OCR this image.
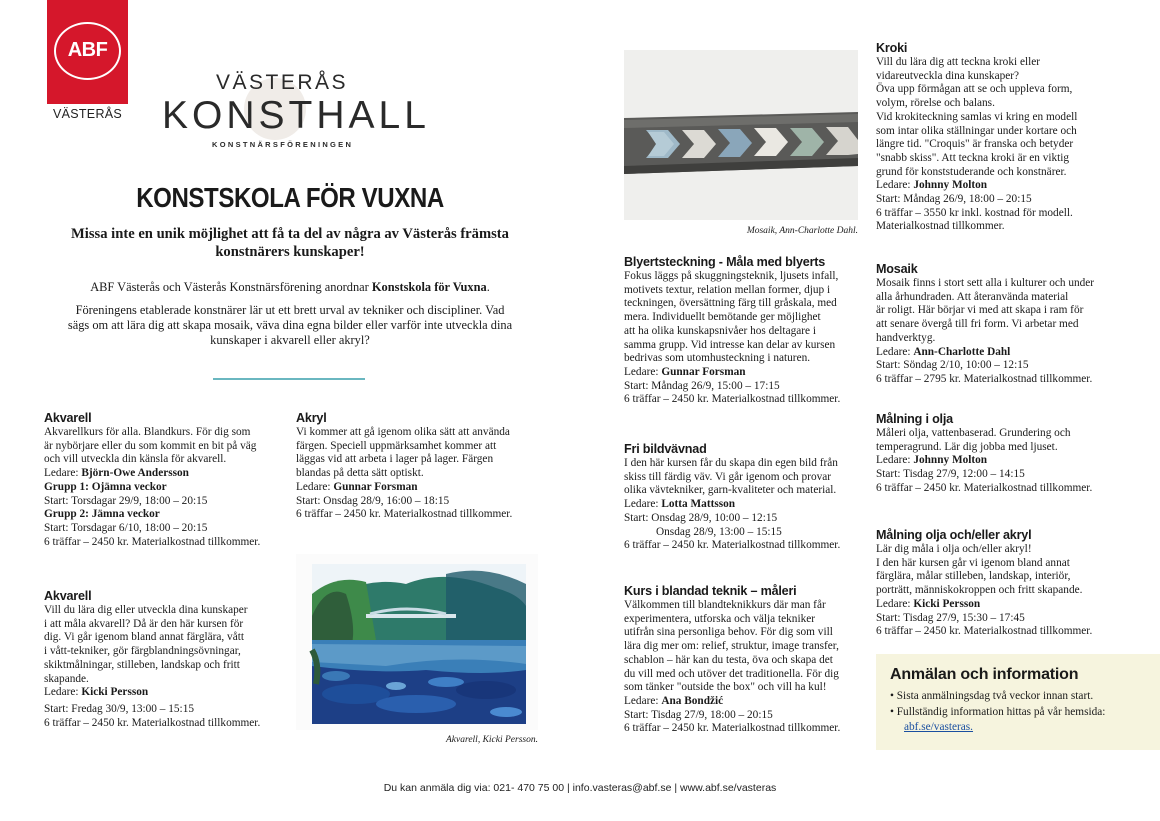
ABF
VÄSTERÅS
VÄSTERÅS
KONSTHALL
KONSTNÄRSFÖRENINGEN
KONSTSKOLA FÖR VUXNA
Missa inte en unik möjlighet att få ta del av några av Västerås främsta
konstnärers kunskaper!
ABF Västerås och Västerås Konstnärsförening anordnar Konstskola för Vuxna.
Föreningens etablerade konstnärer lär ut ett brett urval av tekniker och discipliner. Vad
sägs om att lära dig att skapa mosaik, väva dina egna bilder eller varför inte utveckla dina
kunskaper i akvarell eller akryl?
Akvarell

Akvarellkurs för alla. Blandkurs. För dig som

är nybörjare eller du som kommit en bit på väg

och vill utveckla din känsla för akvarell.

Ledare: Björn-Owe Andersson

Grupp 1: Ojämna veckor

Start: Torsdagar 29/9, 18:00 – 20:15

Grupp 2: Jämna veckor

Start: Torsdagar 6/10, 18:00 – 20:15

6 träffar – 2450 kr. Materialkostnad tillkommer.

Akryl

Vi kommer att gå igenom olika sätt att använda

färgen. Speciell uppmärksamhet kommer att

läggas vid att arbeta i lager på lager. Färgen

blandas på detta sätt optiskt.

Ledare: Gunnar Forsman

Start: Onsdag 28/9, 16:00 – 18:15

6 träffar – 2450 kr. Materialkostnad tillkommer.

Akvarell

Vill du lära dig eller utveckla dina kunskaper

i att måla akvarell? Då är den här kursen för

dig. Vi går igenom bland annat färglära, vått

i vått-tekniker, gör färgblandningsövningar,

skiktmålningar, stilleben, landskap och fritt

skapande.

Ledare: Kicki Persson

Start: Fredag 30/9, 13:00 – 15:15

6 träffar – 2450 kr. Materialkostnad tillkommer.

Akvarell, Kicki Persson.
Mosaik, Ann-Charlotte Dahl.
Blyertsteckning - Måla med blyerts

Fokus läggs på skuggningsteknik, ljusets infall,

motivets textur, relation mellan former, djup i

teckningen, översättning färg till gråskala, med

mera. Individuellt bemötande ger möjlighet

att ha olika kunskapsnivåer hos deltagare i

samma grupp. Vid intresse kan delar av kursen

bedrivas som utomhusteckning i naturen.

Ledare: Gunnar Forsman

Start: Måndag 26/9, 15:00 – 17:15

6 träffar – 2450 kr. Materialkostnad tillkommer.

Fri bildvävnad

I den här kursen får du skapa din egen bild från

skiss till färdig väv. Vi går igenom och provar

olika vävtekniker, garn-kvaliteter och material.

Ledare: Lotta Mattsson

Start: Onsdag 28/9, 10:00 – 12:15

Onsdag 28/9, 13:00 – 15:15

6 träffar – 2450 kr. Materialkostnad tillkommer.

Kurs i blandad teknik – måleri

Välkommen till blandteknikkurs där man får

experimentera, utforska och välja tekniker

utifrån sina personliga behov. För dig som vill

lära dig mer om: relief, struktur, image transfer,

schablon – här kan du testa, öva och skapa det

du vill med och utöver det traditionella. För dig

som tänker "outside the box" och vill ha kul!

Ledare: Ana Bondžić

Start: Tisdag 27/9, 18:00 – 20:15

6 träffar – 2450 kr. Materialkostnad tillkommer.

Kroki

Vill du lära dig att teckna kroki eller

vidareutveckla dina kunskaper?

Öva upp förmågan att se och uppleva form,

volym, rörelse och balans.

Vid krokiteckning samlas vi kring en modell

som intar olika ställningar under kortare och

längre tid. "Croquis" är franska och betyder

"snabb skiss". Att teckna kroki är en viktig

grund för konststuderande och konstnärer.

Ledare: Johnny Molton

Start: Måndag 26/9, 18:00 – 20:15

6 träffar – 3550 kr inkl. kostnad för modell.

Materialkostnad tillkommer.

Mosaik

Mosaik finns i stort sett alla i kulturer och under

alla århundraden. Att återanvända material

är roligt. Här börjar vi med att skapa i ram för

att senare övergå till fri form. Vi arbetar med

handverktyg.

Ledare: Ann-Charlotte Dahl

Start: Söndag 2/10, 10:00 – 12:15

6 träffar – 2795 kr. Materialkostnad tillkommer.

Målning i olja

Måleri olja, vattenbaserad. Grundering och

temperagrund. Lär dig jobba med ljuset.

Ledare: Johnny Molton

Start: Tisdag 27/9, 12:00 – 14:15

6 träffar – 2450 kr. Materialkostnad tillkommer.

Målning olja och/eller akryl

Lär dig måla i olja och/eller akryl!

I den här kursen går vi igenom bland annat

färglära, målar stilleben, landskap, interiör,

porträtt, människokroppen och fritt skapande.

Ledare: Kicki Persson

Start: Tisdag 27/9, 15:30 – 17:45

6 träffar – 2450 kr. Materialkostnad tillkommer.

Anmälan och information
• Sista anmälningsdag två veckor innan start.
• Fullständig information hittas på vår hemsida:
abf.se/vasteras.
Du kan anmäla dig via: 021- 470 75 00 | info.vasteras@abf.se | www.abf.se/vasteras
